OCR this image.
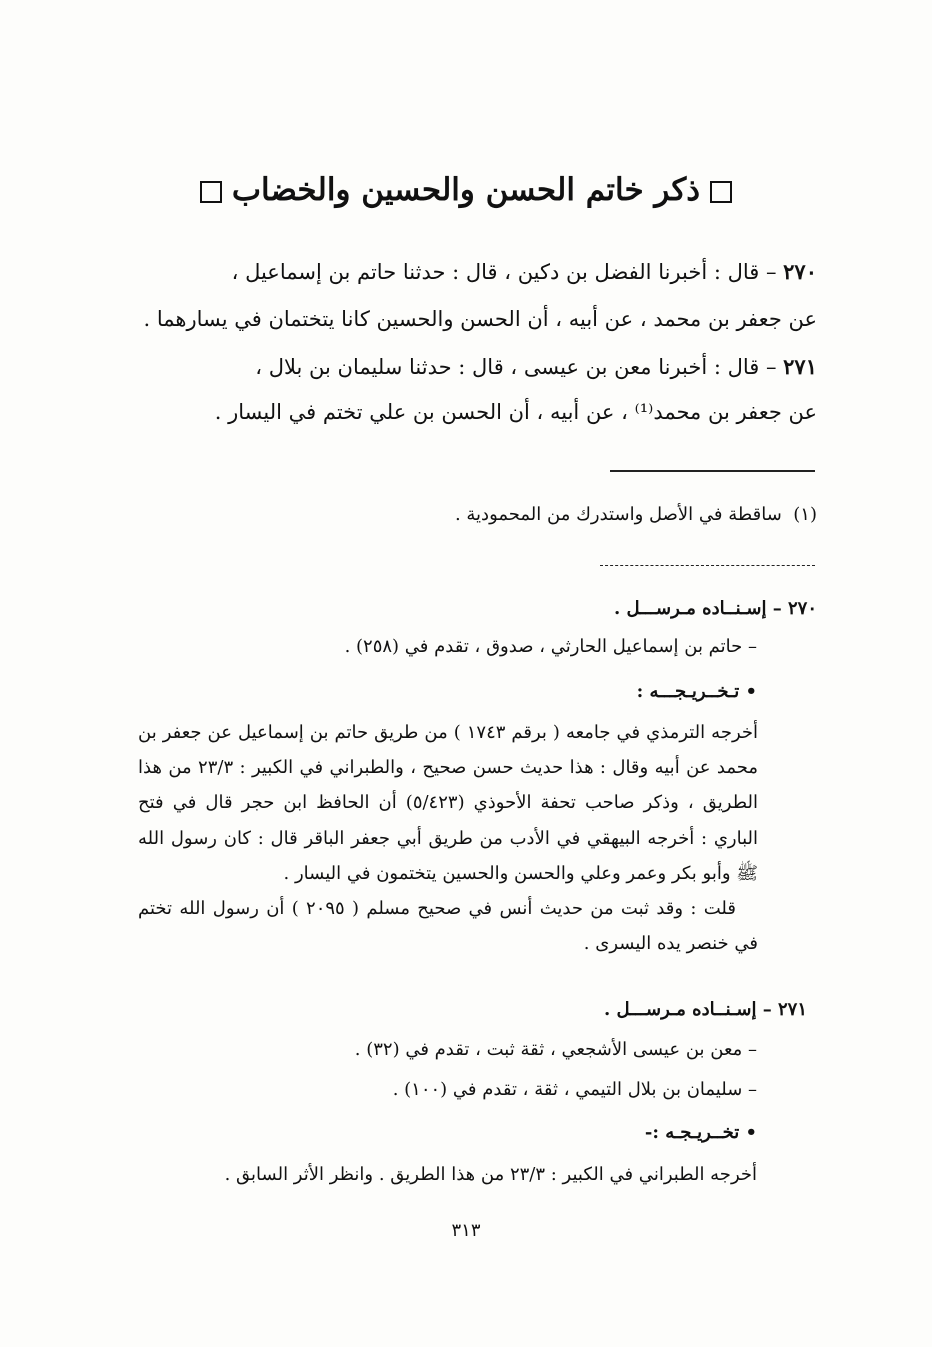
ذكر خاتم الحسن والحسين والخضاب
٢٧٠ – قال : أخبرنا الفضل بن دكين ، قال : حدثنا حاتم بن إسماعيل ،
عن جعفر بن محمد ، عن أبيه ، أن الحسن والحسين كانا يتختمان في يسارهما .
٢٧١ – قال : أخبرنا معن بن عيسى ، قال : حدثنا سليمان بن بلال ،
عن جعفر بن محمد⁽¹⁾ ، عن أبيه ، أن الحسن بن علي تختم في اليسار .
(١)  ساقطة في الأصل واستدرك من المحمودية .
٢٧٠ – إسـنــاده مـرســـل .
– حاتم بن إسماعيل الحارثي ، صدوق ، تقدم في (٢٥٨) .
• تـخــريـجـــه :

أخرجه الترمذي في جامعه ( برقم ١٧٤٣ ) من طريق حاتم بن إسماعيل عن جعفر بن محمد عن أبيه وقال : هذا حديث حسن صحيح ، والطبراني في الكبير : ٢٣/٣ من هذا الطريق ، وذكر صاحب تحفة الأحوذي (٥/٤٢٣) أن الحافظ ابن حجر قال في فتح الباري : أخرجه البيهقي في الأدب من طريق أبي جعفر الباقر قال : كان رسول الله ﷺ وأبو بكر وعمر وعلي والحسن والحسين يتختمون في اليسار .

قلت : وقد ثبت من حديث أنس في صحيح مسلم ( ٢٠٩٥ ) أن رسول الله تختم في خنصر يده اليسرى .

٢٧١ – إسـنــاده مـرســـل .
– معن بن عيسى الأشجعي ، ثقة ثبت ، تقدم في (٣٢) .
– سليمان بن بلال التيمي ، ثقة ، تقدم في (١٠٠) .
• تخــريـجـه :-
أخرجه الطبراني في الكبير : ٢٣/٣ من هذا الطريق . وانظر الأثر السابق .
٣١٣
